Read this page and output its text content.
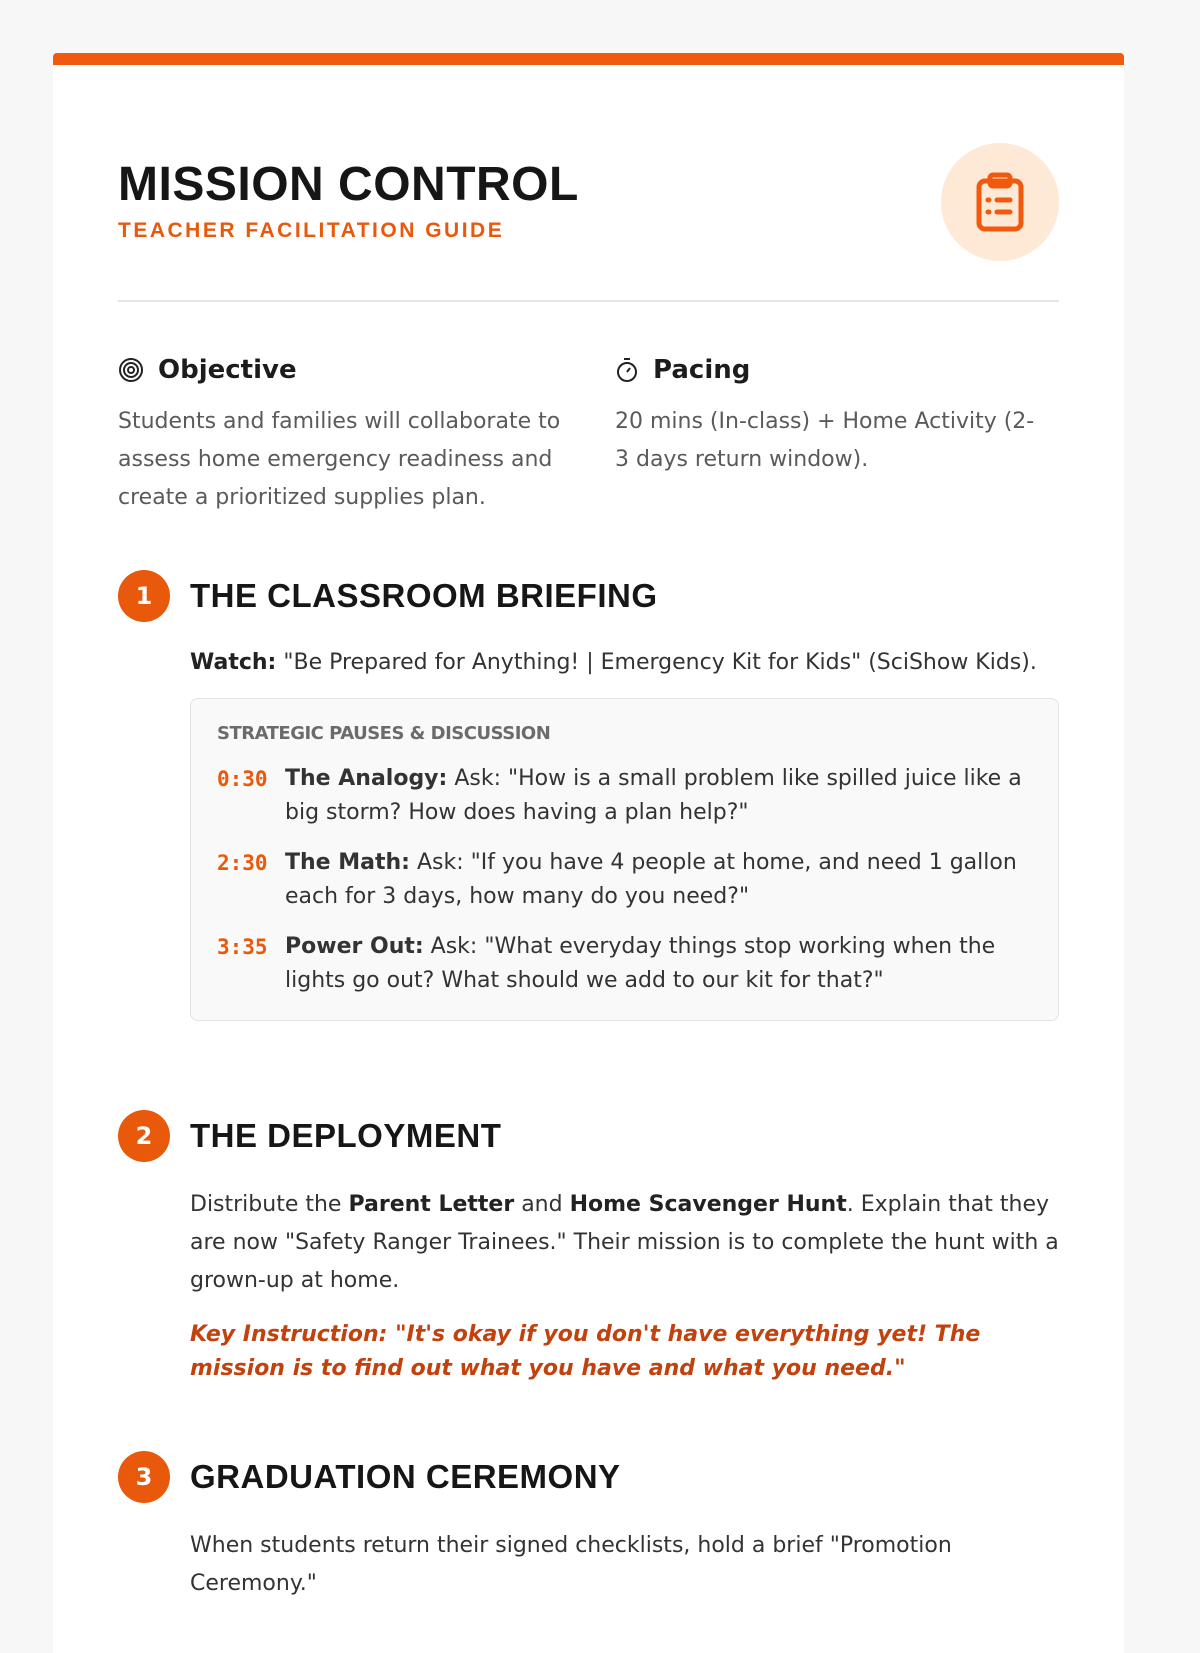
MISSION CONTROL
TEACHER FACILITATION GUIDE
Objective

Students and families will collaborate to assess home emergency readiness and create a prioritized supplies plan.

Pacing

20 mins (In-class) + Home Activity (2-3 days return window).

1	THE CLASSROOM BRIEFING
Watch: "Be Prepared for Anything! | Emergency Kit for Kids" (SciShow Kids).
STRATEGIC PAUSES & DISCUSSION
0:30 The Analogy: Ask: "How is a small problem like spilled juice like a big storm? How does having a plan help?"
2:30 The Math: Ask: "If you have 4 people at home, and need 1 gallon each for 3 days, how many do you need?"
3:35 Power Out: Ask: "What everyday things stop working when the lights go out? What should we add to our kit for that?"
2	THE DEPLOYMENT
Distribute the Parent Letter and Home Scavenger Hunt. Explain that they are now "Safety Ranger Trainees." Their mission is to complete the hunt with a grown-up at home.
Key Instruction: "It's okay if you don't have everything yet! The mission is to find out what you have and what you need."
3	GRADUATION CEREMONY
When students return their signed checklists, hold a brief "Promotion Ceremony."
